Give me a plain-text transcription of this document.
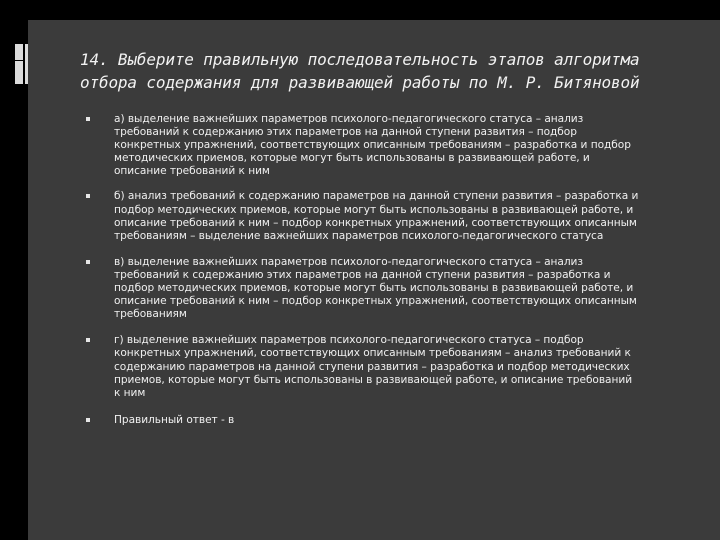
14. Выберите правильную последовательность этапов алгоритма
отбора содержания для развивающей работы по М. Р. Битяновой
а) выделение важнейших параметров психолого-педагогического статуса – анализ
требований к содержанию этих параметров на данной ступени развития – подбор
конкретных упражнений, соответствующих описанным требованиям – разработка и подбор
методических приемов, которые могут быть использованы в развивающей работе, и
описание требований к ним
б) анализ требований к содержанию параметров на данной ступени развития – разработка и
подбор методических приемов, которые могут быть использованы в развивающей работе, и
описание требований к ним – подбор конкретных упражнений, соответствующих описанным
требованиям – выделение важнейших параметров психолого-педагогического статуса
в) выделение важнейших параметров психолого-педагогического статуса – анализ
требований к содержанию этих параметров на данной ступени развития – разработка и
подбор методических приемов, которые могут быть использованы в развивающей работе, и
описание требований к ним – подбор конкретных упражнений, соответствующих описанным
требованиям
г) выделение важнейших параметров психолого-педагогического статуса – подбор
конкретных упражнений, соответствующих описанным требованиям – анализ требований к
содержанию параметров на данной ступени развития – разработка и подбор методических
приемов, которые могут быть использованы в развивающей работе, и описание требований
к ним
Правильный ответ - в
